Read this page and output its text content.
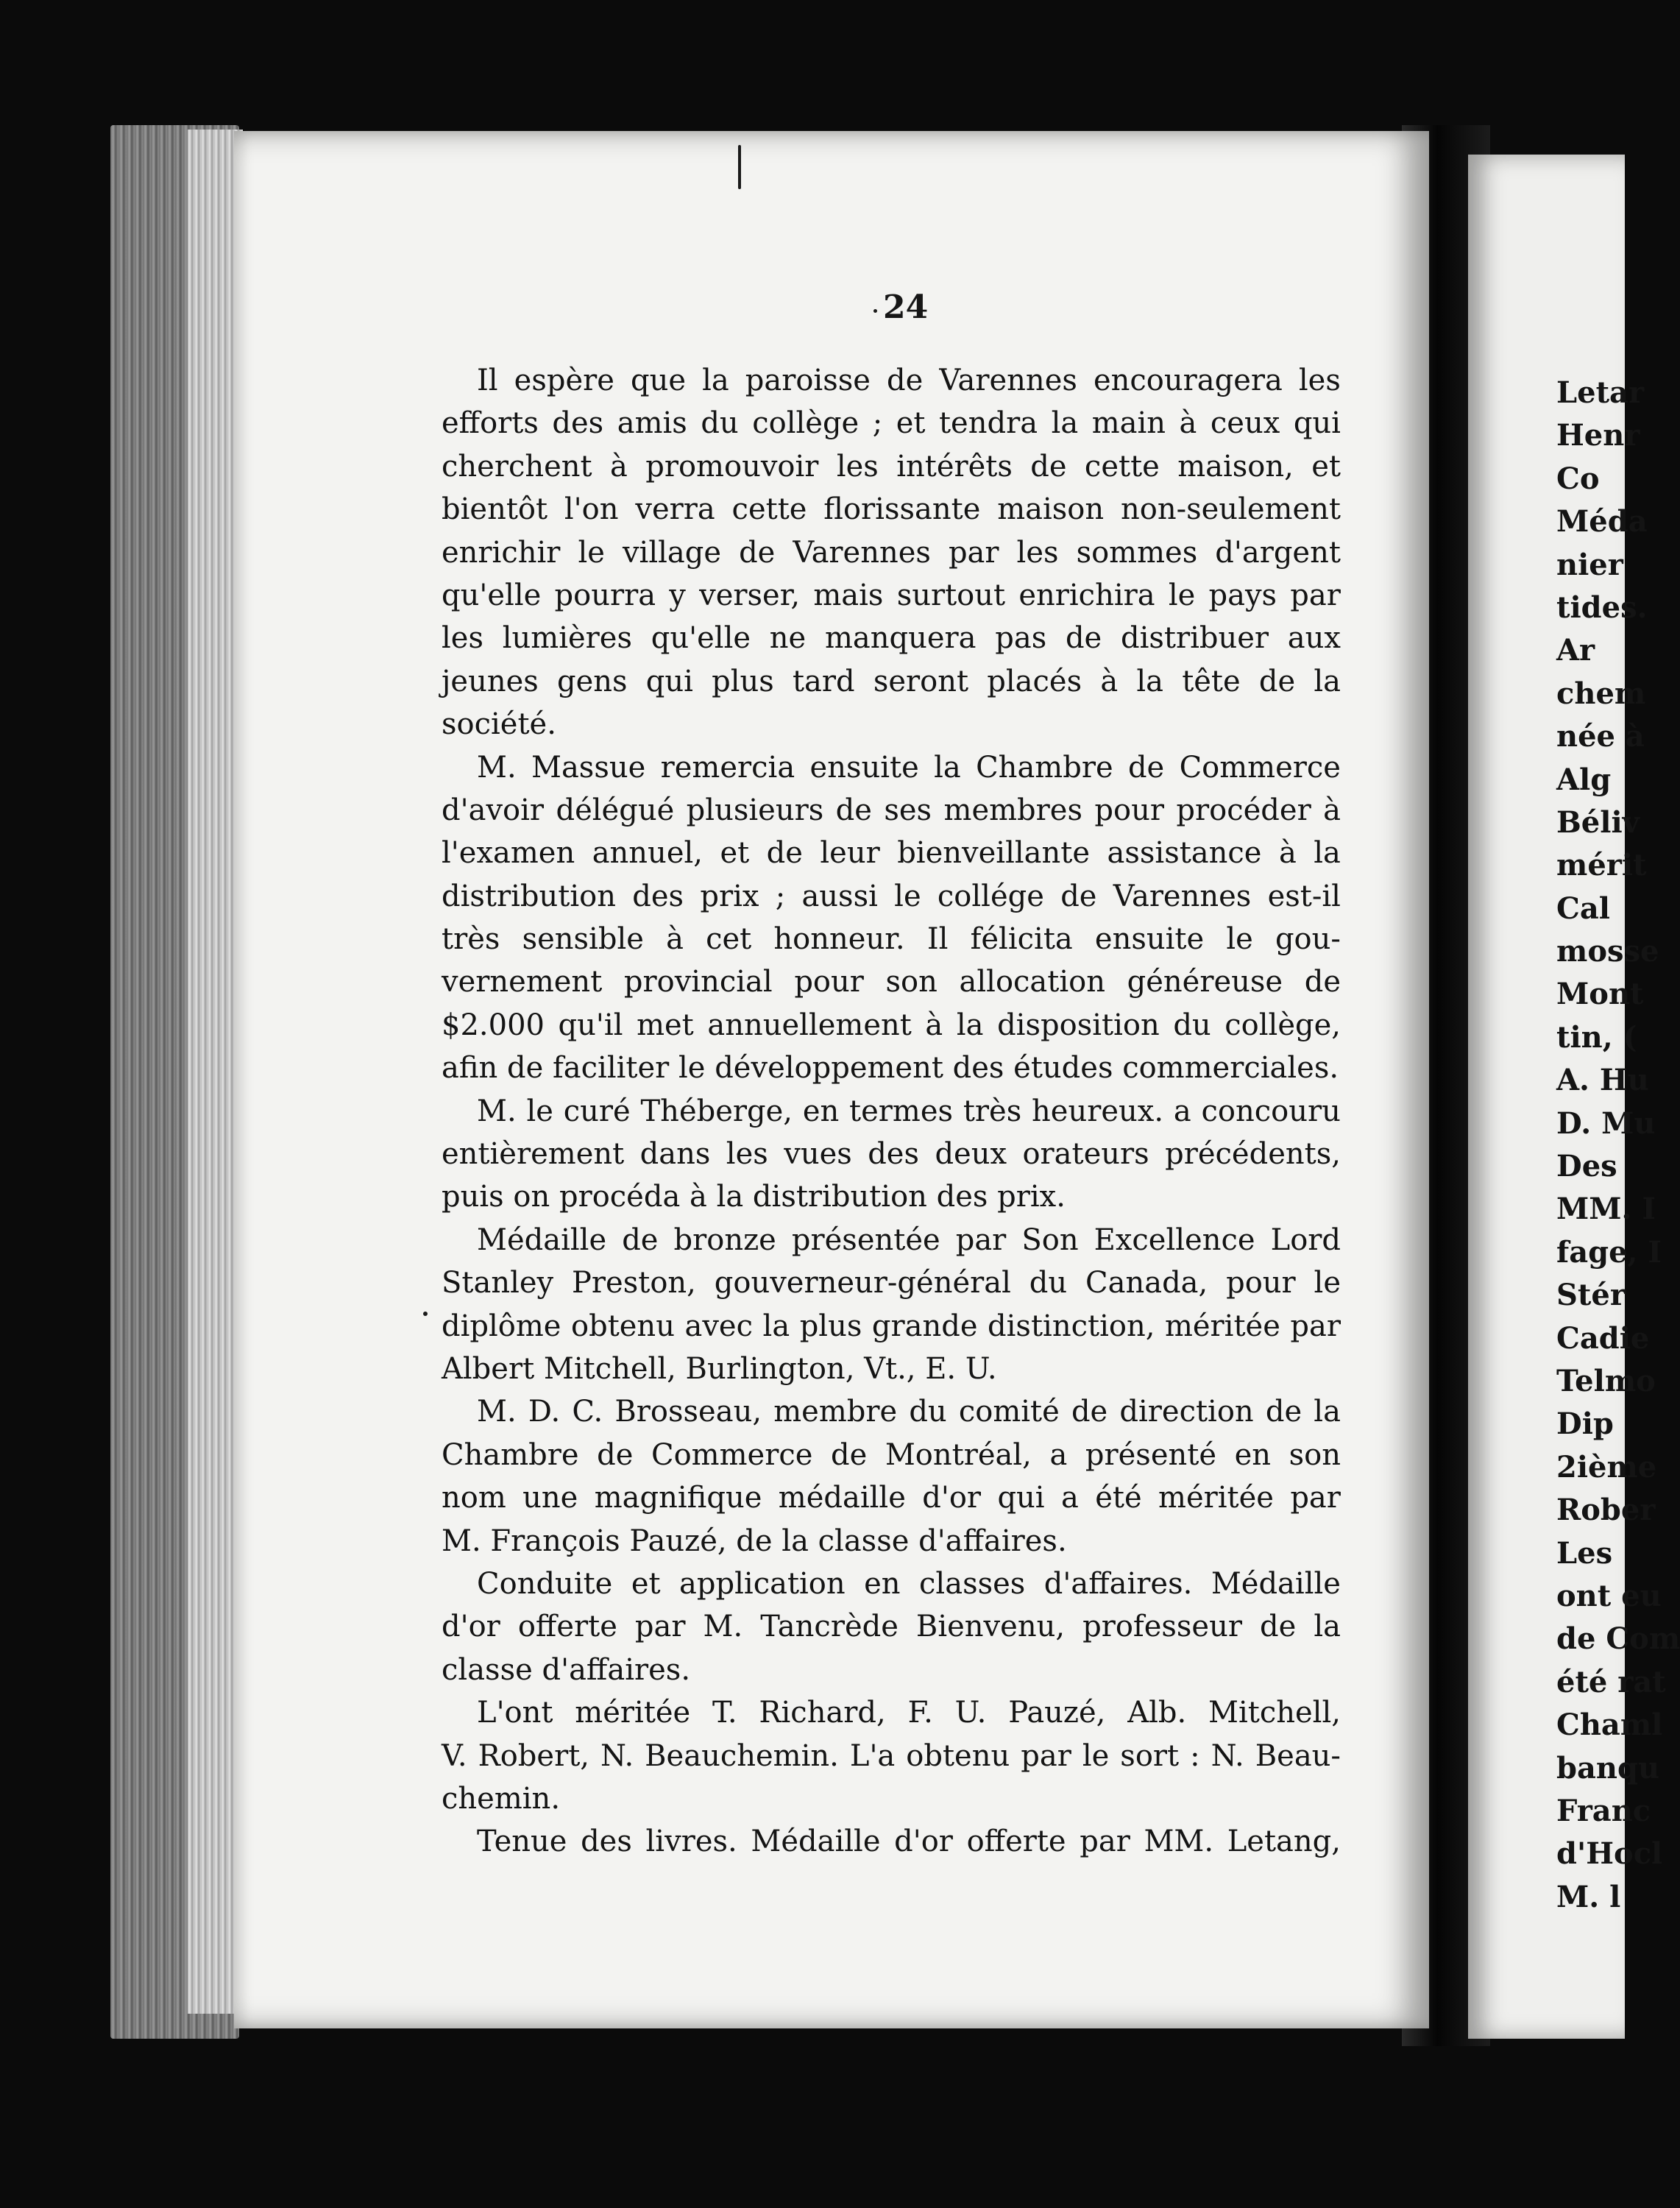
24
Il espère que la paroisse de Varennes encouragera les
efforts des amis du collège ; et tendra la main à ceux qui
cherchent à promouvoir les intérêts de cette maison, et
bientôt l'on verra cette florissante maison non-seulement
enrichir le village de Varennes par les sommes d'argent
qu'elle pourra y verser, mais surtout enrichira le pays par
les lumières qu'elle ne manquera pas de distribuer aux
jeunes gens qui plus tard seront placés à la tête de la
société.
M. Massue remercia ensuite la Chambre de Commerce
d'avoir délégué plusieurs de ses membres pour procéder à
l'examen annuel, et de leur bienveillante assistance à la
distribution des prix ; aussi le collége de Varennes est-il
très sensible à cet honneur. Il félicita ensuite le gou-
vernement provincial pour son allocation généreuse de
$2.000 qu'il met annuellement à la disposition du collège,
afin de faciliter le développement des études commerciales.
M. le curé Théberge, en termes très heureux. a concouru
entièrement dans les vues des deux orateurs précédents,
puis on procéda à la distribution des prix.
Médaille de bronze présentée par Son Excellence Lord
Stanley Preston, gouverneur-général du Canada, pour le
diplôme obtenu avec la plus grande distinction, méritée par
Albert Mitchell, Burlington, Vt., E. U.
M. D. C. Brosseau, membre du comité de direction de la
Chambre de Commerce de Montréal, a présenté en son
nom une magnifique médaille d'or qui a été méritée par
M. François Pauzé, de la classe d'affaires.
Conduite et application en classes d'affaires. Médaille
d'or offerte par M. Tancrède Bienvenu, professeur de la
classe d'affaires.
L'ont méritée T. Richard, F. U. Pauzé, Alb. Mitchell,
V. Robert, N. Beauchemin. L'a obtenu par le sort : N. Beau-
chemin.
Tenue des livres. Médaille d'or offerte par MM. Letang,
Letar
Henr
Co
Méda
nier
tides.
Ar
chem
née à
Alg
Béliv
mérit
Cal
mosse
Mont
tin, (
A. Hu
D. Mu
Des
MM. I
fage, I
Stér
Cadie
Telmo
Dip
2ième
Rober
Les
ont eu
de Com
été rat
Chaml
banqu
Franc
d'Hocl
M. l
